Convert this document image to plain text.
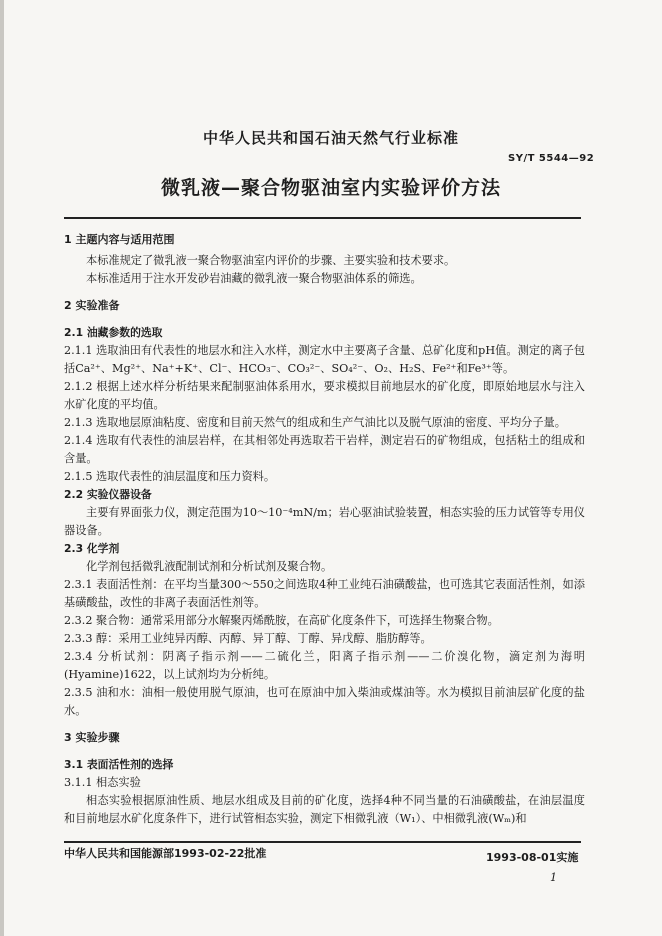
中华人民共和国石油天然气行业标准
SY/T 5544—92
微乳液—聚合物驱油室内实验评价方法

1 主题内容与适用范围

本标准规定了微乳液一聚合物驱油室内评价的步骤、主要实验和技术要求。

本标准适用于注水开发砂岩油藏的微乳液一聚合物驱油体系的筛选。

2 实验准备

2.1 油藏参数的选取

2.1.1 选取油田有代表性的地层水和注入水样，测定水中主要离子含量、总矿化度和pH值。测定的离子包括Ca²⁺、Mg²⁺、Na⁺+K⁺、Cl⁻、HCO₃⁻、CO₃²⁻、SO₄²⁻、O₂、H₂S、Fe²⁺和Fe³⁺等。

2.1.2 根据上述水样分析结果来配制驱油体系用水，要求模拟目前地层水的矿化度，即原始地层水与注入水矿化度的平均值。

2.1.3 选取地层原油粘度、密度和目前天然气的组成和生产气油比以及脱气原油的密度、平均分子量。

2.1.4 选取有代表性的油层岩样，在其相邻处再选取若干岩样，测定岩石的矿物组成，包括粘土的组成和含量。

2.1.5 选取代表性的油层温度和压力资料。

2.2 实验仪器设备

主要有界面张力仪，测定范围为10～10⁻⁴mN/m；岩心驱油试验装置，相态实验的压力试管等专用仪器设备。

2.3 化学剂

化学剂包括微乳液配制试剂和分析试剂及聚合物。

2.3.1 表面活性剂：在平均当量300～550之间选取4种工业纯石油磺酸盐，也可选其它表面活性剂，如添基磺酸盐，改性的非离子表面活性剂等。

2.3.2 聚合物：通常采用部分水解聚丙烯酰胺，在高矿化度条件下，可选择生物聚合物。

2.3.3 醇：采用工业纯异丙醇、丙醇、异丁醇、丁醇、异戊醇、脂肪醇等。

2.3.4 分析试剂：阴离子指示剂——二硫化兰，阳离子指示剂——二价溴化物，滴定剂为海明(Hyamine)1622，以上试剂均为分析纯。

2.3.5 油和水：油相一般使用脱气原油，也可在原油中加入柴油或煤油等。水为模拟目前油层矿化度的盐水。

3 实验步骤

3.1 表面活性剂的选择

3.1.1 相态实验

相态实验根据原油性质、地层水组成及目前的矿化度，选择4种不同当量的石油磺酸盐，在油层温度和目前地层水矿化度条件下，进行试管相态实验，测定下相微乳液（W₁）、中相微乳液(Wₘ)和

中华人民共和国能源部1993-02-22批准	1993-08-01实施
1
